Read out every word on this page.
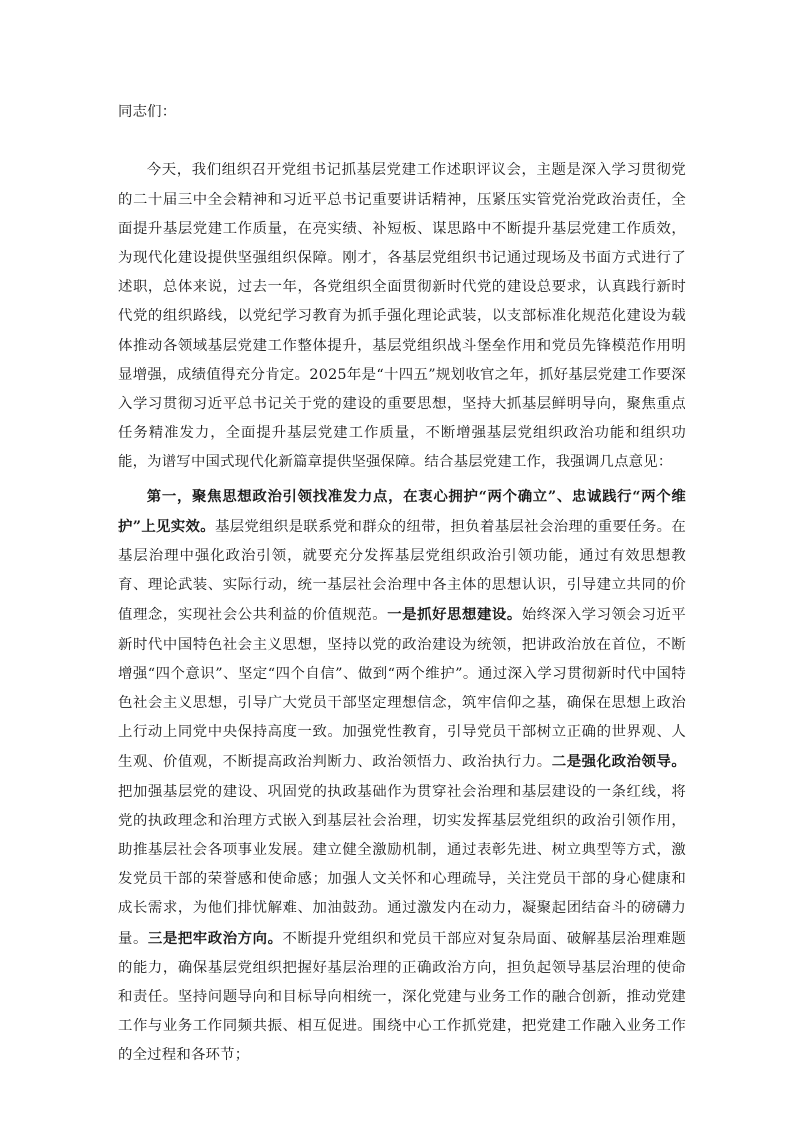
同志们：

今天，我们组织召开党组书记抓基层党建工作述职评议会，主题是深入学习贯彻党的二十届三中全会精神和习近平总书记重要讲话精神，压紧压实管党治党政治责任，全面提升基层党建工作质量，在亮实绩、补短板、谋思路中不断提升基层党建工作质效，为现代化建设提供坚强组织保障。刚才，各基层党组织书记通过现场及书面方式进行了述职，总体来说，过去一年，各党组织全面贯彻新时代党的建设总要求，认真践行新时代党的组织路线，以党纪学习教育为抓手强化理论武装，以支部标准化规范化建设为载体推动各领域基层党建工作整体提升，基层党组织战斗堡垒作用和党员先锋模范作用明显增强，成绩值得充分肯定。2025年是“十四五”规划收官之年，抓好基层党建工作要深入学习贯彻习近平总书记关于党的建设的重要思想，坚持大抓基层鲜明导向，聚焦重点任务精准发力，全面提升基层党建工作质量，不断增强基层党组织政治功能和组织功能，为谱写中国式现代化新篇章提供坚强保障。结合基层党建工作，我强调几点意见：

第一，聚焦思想政治引领找准发力点，在衷心拥护“两个确立”、忠诚践行“两个维护”上见实效。基层党组织是联系党和群众的纽带，担负着基层社会治理的重要任务。在基层治理中强化政治引领，就要充分发挥基层党组织政治引领功能，通过有效思想教育、理论武装、实际行动，统一基层社会治理中各主体的思想认识，引导建立共同的价值理念，实现社会公共利益的价值规范。一是抓好思想建设。始终深入学习领会习近平新时代中国特色社会主义思想，坚持以党的政治建设为统领，把讲政治放在首位，不断增强“四个意识”、坚定“四个自信”、做到“两个维护”。通过深入学习贯彻新时代中国特色社会主义思想，引导广大党员干部坚定理想信念，筑牢信仰之基，确保在思想上政治上行动上同党中央保持高度一致。加强党性教育，引导党员干部树立正确的世界观、人生观、价值观，不断提高政治判断力、政治领悟力、政治执行力。二是强化政治领导。把加强基层党的建设、巩固党的执政基础作为贯穿社会治理和基层建设的一条红线，将党的执政理念和治理方式嵌入到基层社会治理，切实发挥基层党组织的政治引领作用，助推基层社会各项事业发展。建立健全激励机制，通过表彰先进、树立典型等方式，激发党员干部的荣誉感和使命感；加强人文关怀和心理疏导，关注党员干部的身心健康和成长需求，为他们排忧解难、加油鼓劲。通过激发内在动力，凝聚起团结奋斗的磅礴力量。三是把牢政治方向。不断提升党组织和党员干部应对复杂局面、破解基层治理难题的能力，确保基层党组织把握好基层治理的正确政治方向，担负起领导基层治理的使命和责任。坚持问题导向和目标导向相统一，深化党建与业务工作的融合创新，推动党建工作与业务工作同频共振、相互促进。围绕中心工作抓党建，把党建工作融入业务工作的全过程和各环节；
